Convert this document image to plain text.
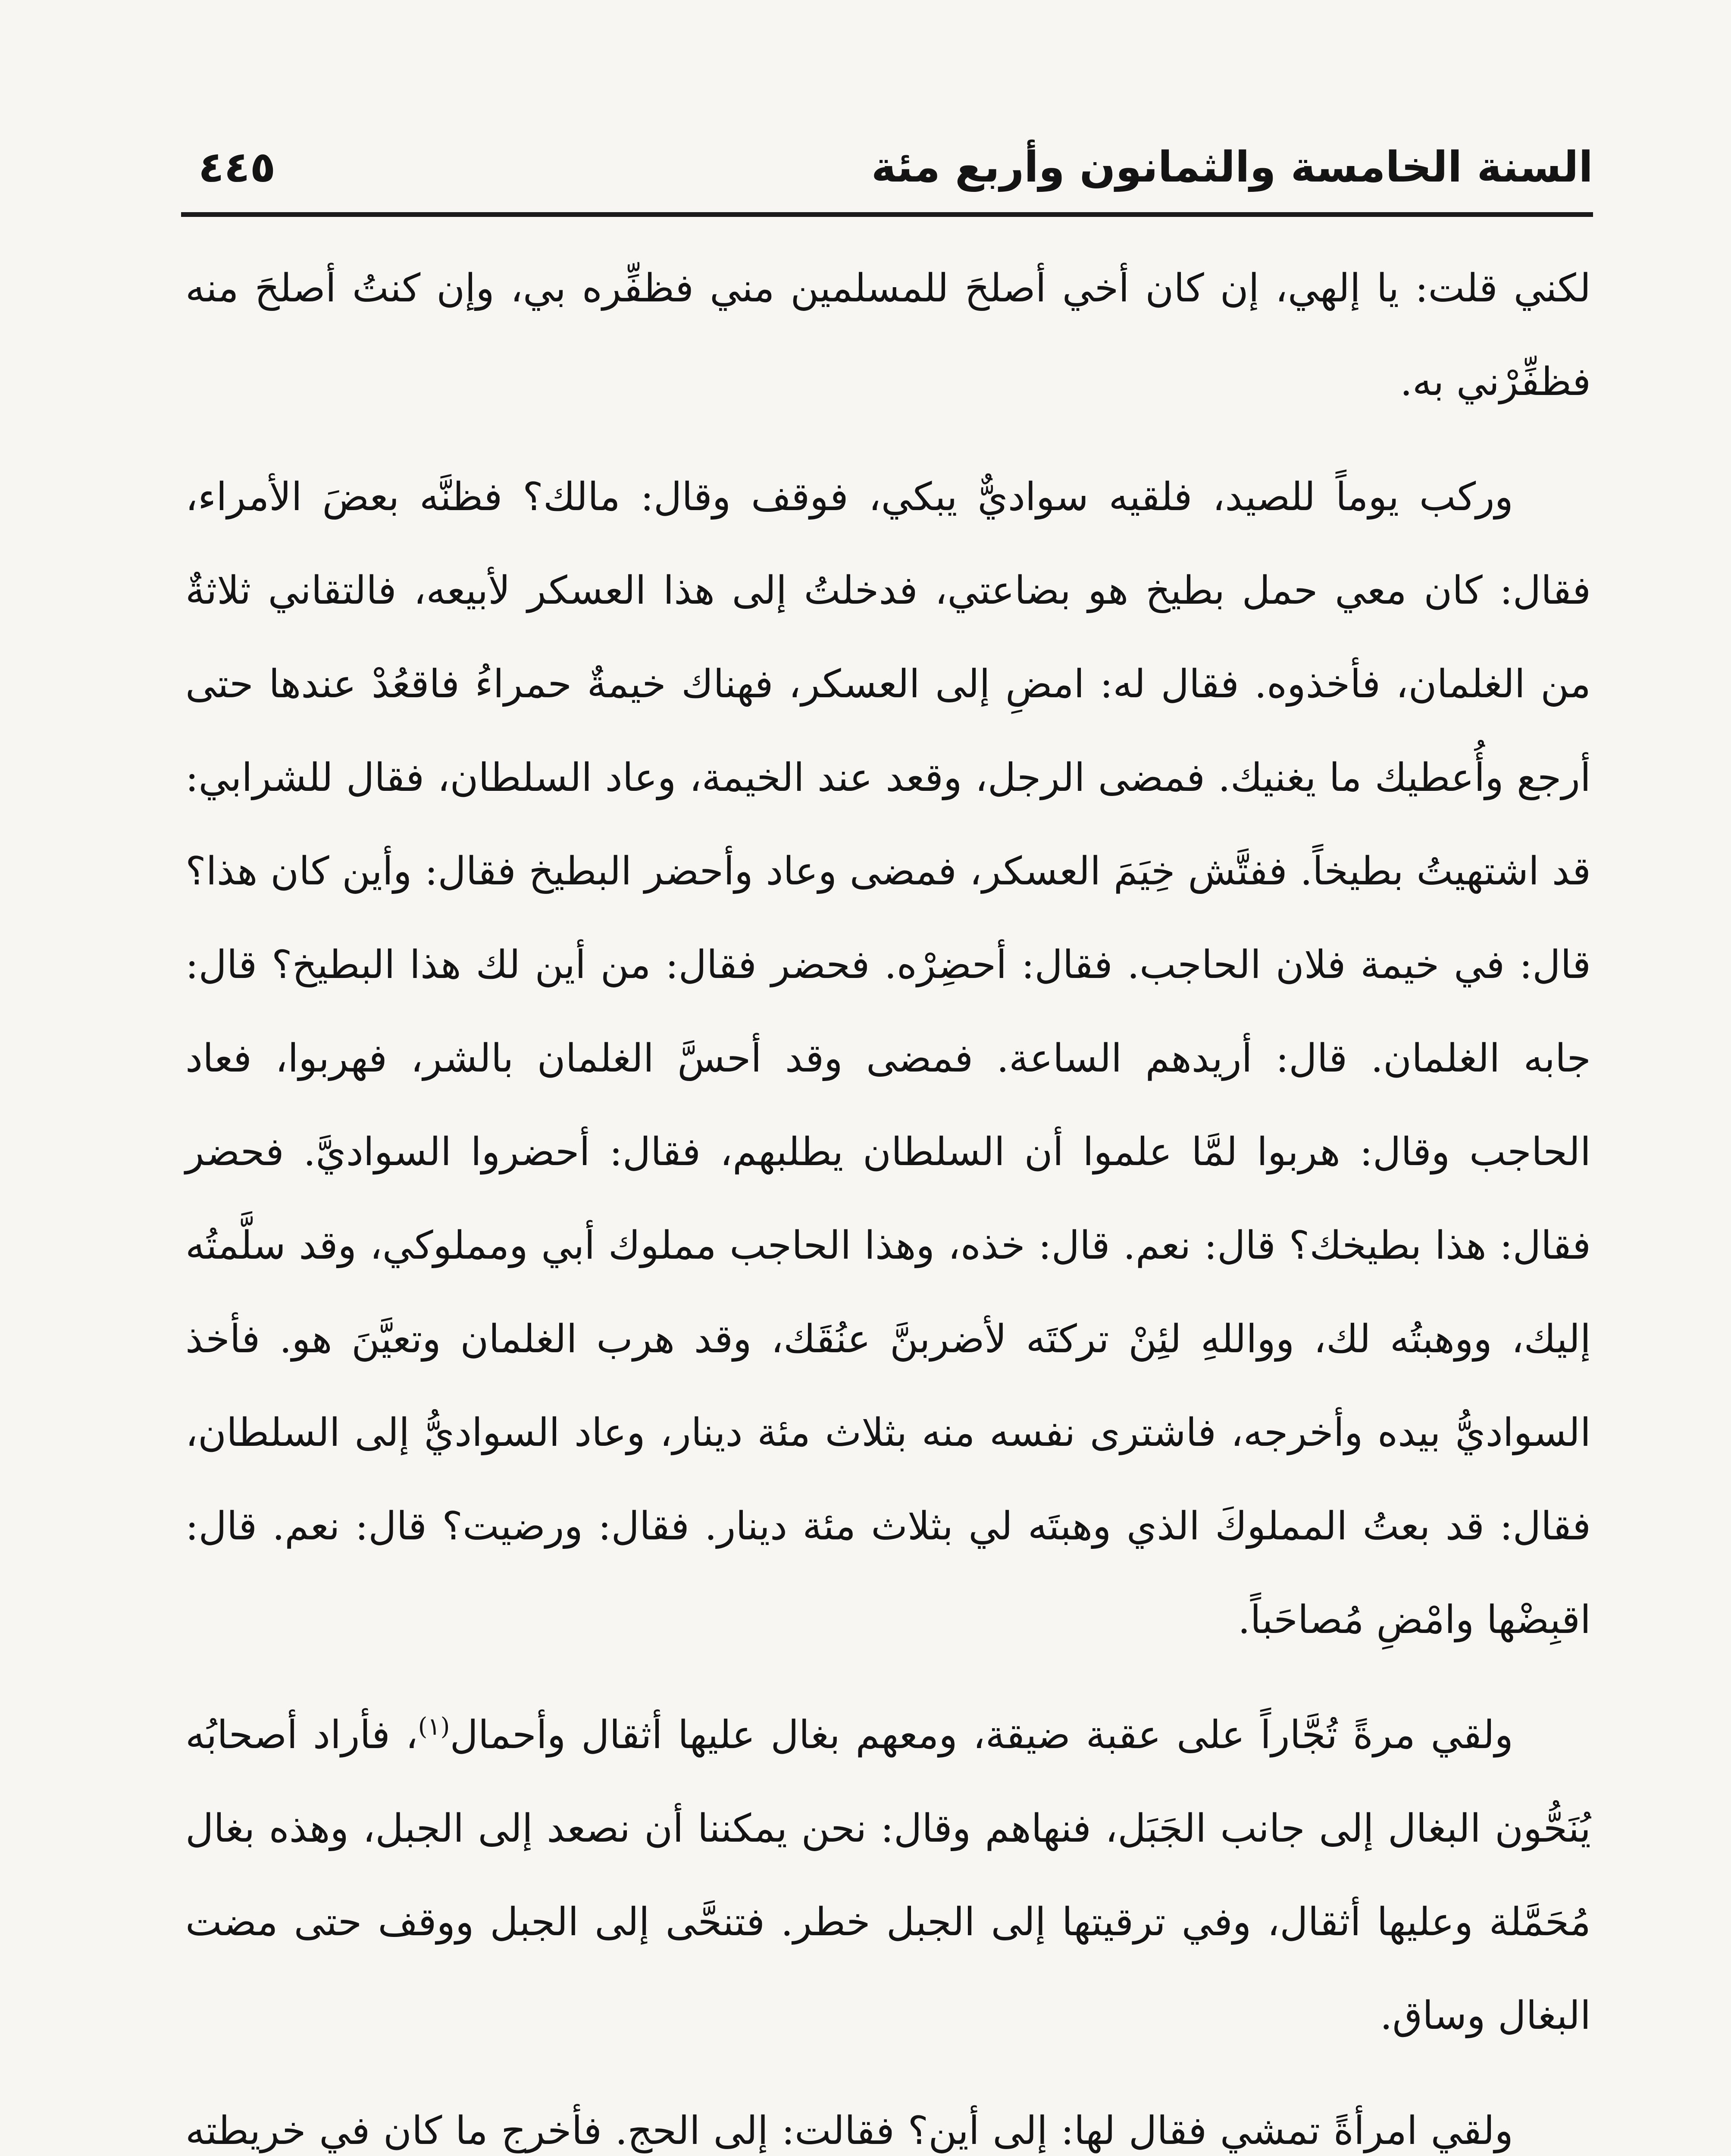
السنة الخامسة والثمانون وأربع مئة
٤٤٥

لكني قلت: يا إلهي، إن كان أخي أصلحَ للمسلمين مني فظفِّره بي، وإن كنتُ أصلحَ منه فظفِّرْني به.

وركب يوماً للصيد، فلقيه سواديٌّ يبكي، فوقف وقال: مالك؟ فظنَّه بعضَ الأمراء، فقال: كان معي حمل بطيخ هو بضاعتي، فدخلتُ إلى هذا العسكر لأبيعه، فالتقاني ثلاثةٌ من الغلمان، فأخذوه. فقال له: امضِ إلى العسكر، فهناك خيمةٌ حمراءُ فاقعُدْ عندها حتى أرجع وأُعطيك ما يغنيك. فمضى الرجل، وقعد عند الخيمة، وعاد السلطان، فقال للشرابي: قد اشتهيتُ بطيخاً. ففتَّش خِيَمَ العسكر، فمضى وعاد وأحضر البطيخ فقال: وأين كان هذا؟ قال: في خيمة فلان الحاجب. فقال: أحضِرْه. فحضر فقال: من أين لك هذا البطيخ؟ قال: جابه الغلمان. قال: أريدهم الساعة. فمضى وقد أحسَّ الغلمان بالشر، فهربوا، فعاد الحاجب وقال: هربوا لمَّا علموا أن السلطان يطلبهم، فقال: أحضروا السواديَّ. فحضر فقال: هذا بطيخك؟ قال: نعم. قال: خذه، وهذا الحاجب مملوك أبي ومملوكي، وقد سلَّمتُه إليك، ووهبتُه لك، وواللهِ لئِنْ تركتَه لأضربنَّ عنُقَك، وقد هرب الغلمان وتعيَّنَ هو. فأخذ السواديُّ بيده وأخرجه، فاشترى نفسه منه بثلاث مئة دينار، وعاد السواديُّ إلى السلطان، فقال: قد بعتُ المملوكَ الذي وهبتَه لي بثلاث مئة دينار. فقال: ورضيت؟ قال: نعم. قال: اقبِضْها وامْضِ مُصاحَباً.

ولقي مرةً تُجَّاراً على عقبة ضيقة، ومعهم بغال عليها أثقال وأحمال$^{(١)}$، فأراد أصحابُه يُنَحُّون البغال إلى جانب الجَبَل، فنهاهم وقال: نحن يمكننا أن نصعد إلى الجبل، وهذه بغال مُحَمَّلة وعليها أثقال، وفي ترقيتها إلى الجبل خطر. فتنحَّى إلى الجبل ووقف حتى مضت البغال وساق.

ولقي امرأةً تمشي فقال لها: إلى أين؟ فقالت: إلى الحج. فأخرج ما كان في خريطته
